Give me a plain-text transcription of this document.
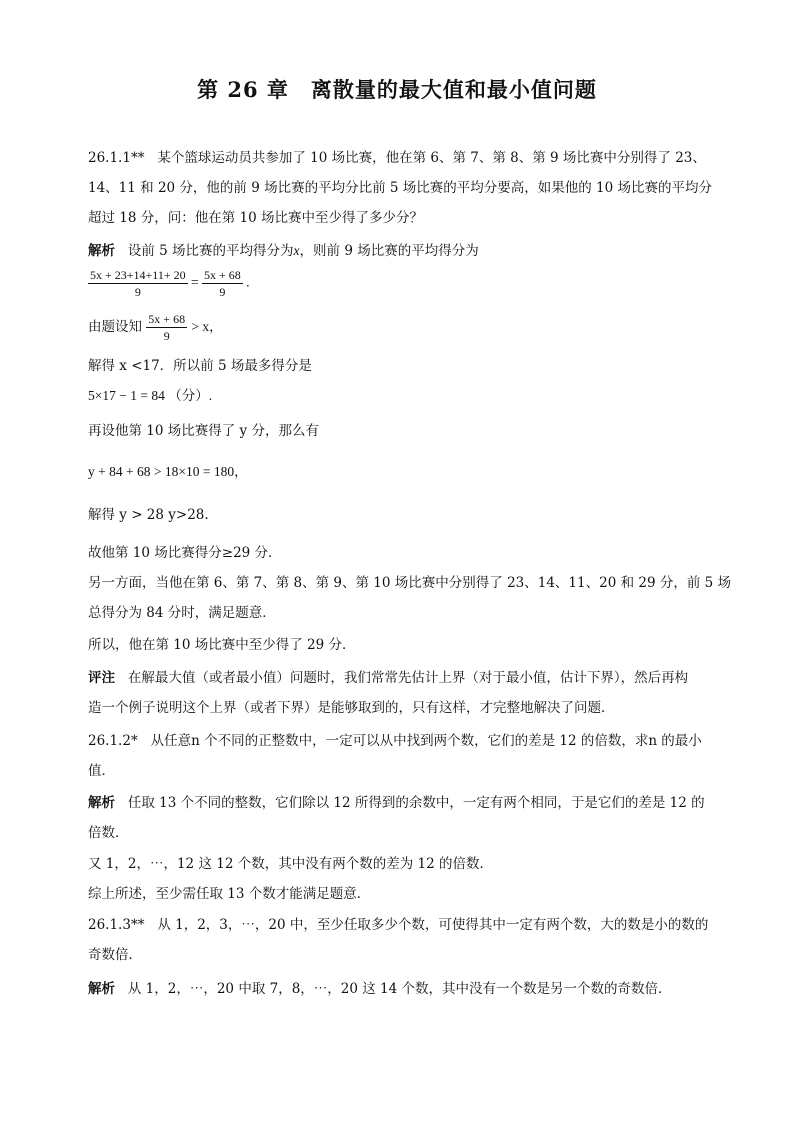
第 26 章　离散量的最大值和最小值问题
26.1.1** 某个篮球运动员共参加了 10 场比赛，他在第 6、第 7、第 8、第 9 场比赛中分别得了 23、
14、11 和 20 分，他的前 9 场比赛的平均分比前 5 场比赛的平均分要高，如果他的 10 场比赛的平均分
超过 18 分，问：他在第 10 场比赛中至少得了多少分？
解析 设前 5 场比赛的平均得分为x，则前 9 场比赛的平均得分为
$\frac{5x + 23+14+11+ 20}{9} = \frac{5x + 68}{9}$ .
由题设知 $\frac{5x + 68}{9} > x$，
解得 x <17．所以前 5 场最多得分是
5×17 − 1 = 84 （分）.
再设他第 10 场比赛得了 y 分，那么有
y + 84 + 68 > 18×10 = 180，
解得 y > 28 y>28.
故他第 10 场比赛得分≥29 分．
另一方面，当他在第 6、第 7、第 8、第 9、第 10 场比赛中分别得了 23、14、11、20 和 29 分，前 5 场
总得分为 84 分时，满足题意．
所以，他在第 10 场比赛中至少得了 29 分．
评注 在解最大值（或者最小值）问题时，我们常常先估计上界（对于最小值，估计下界），然后再构
造一个例子说明这个上界（或者下界）是能够取到的，只有这样，才完整地解决了问题．
26.1.2* 从任意n 个不同的正整数中，一定可以从中找到两个数，它们的差是 12 的倍数，求n 的最小
值．
解析 任取 13 个不同的整数，它们除以 12 所得到的余数中，一定有两个相同，于是它们的差是 12 的
倍数．
又 1，2，⋯，12 这 12 个数，其中没有两个数的差为 12 的倍数．
综上所述，至少需任取 13 个数才能满足题意．
26.1.3** 从 1，2，3，⋯，20 中，至少任取多少个数，可使得其中一定有两个数，大的数是小的数的
奇数倍．
解析 从 1，2，⋯，20 中取 7，8，⋯，20 这 14 个数，其中没有一个数是另一个数的奇数倍．
